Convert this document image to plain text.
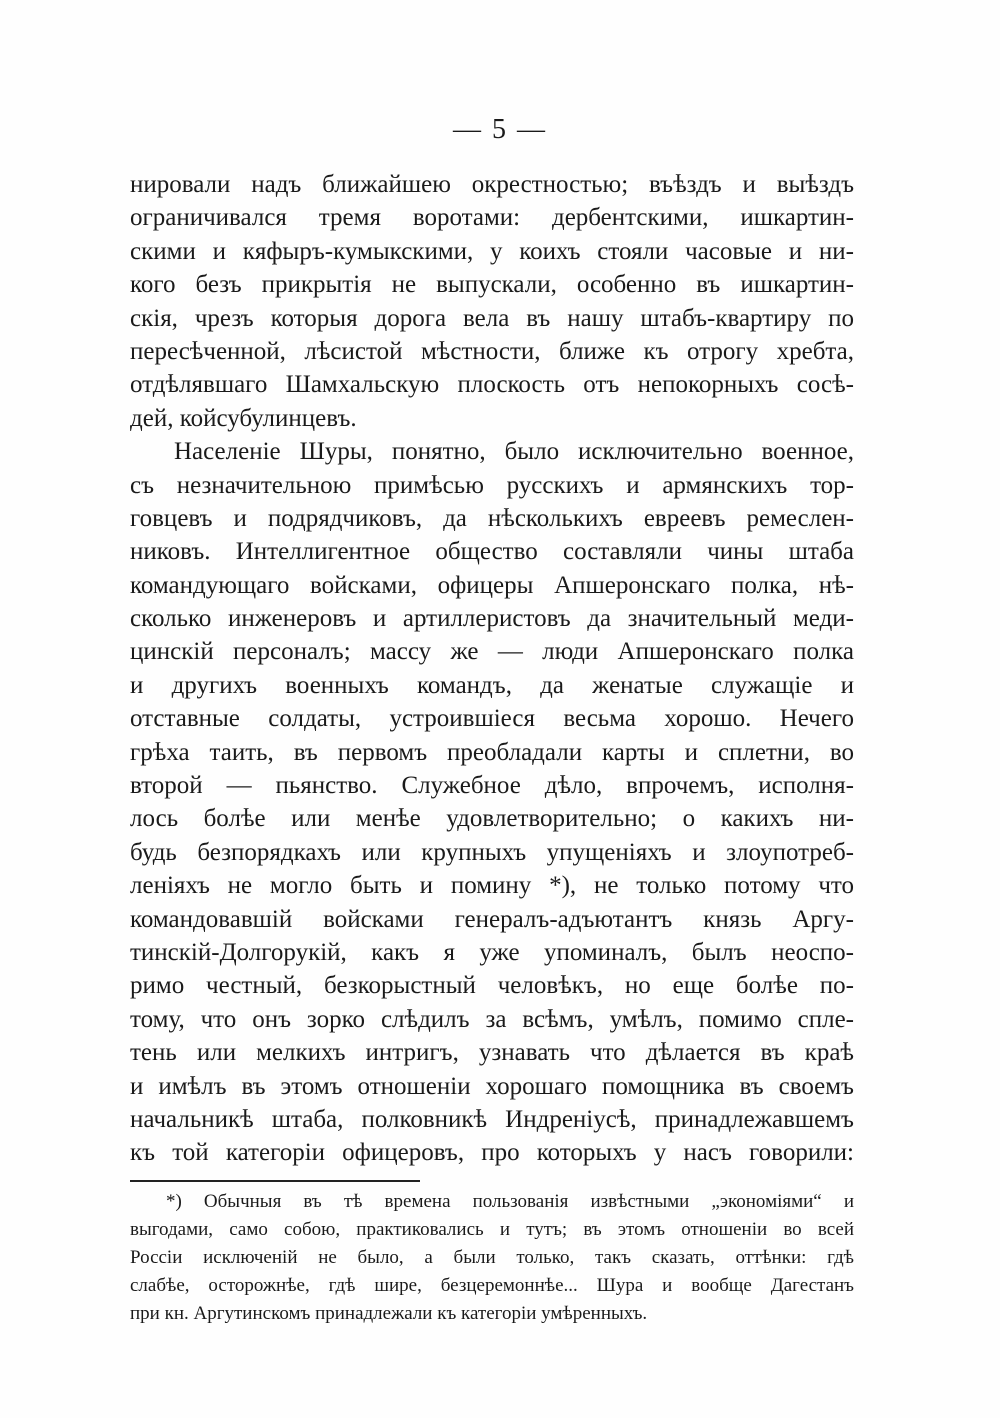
— 5 —
нировали надъ ближайшею окрестностью; въѣздъ и выѣздъ
ограничивался тремя воротами: дербентскими, ишкартин-
скими и кяфыръ-кумыкскими, у коихъ стояли часовые и ни-
кого безъ прикрытія не выпускали, особенно въ ишкартин-
скія, чрезъ которыя дорога вела въ нашу штабъ-квартиру по
пересѣченной, лѣсистой мѣстности, ближе къ отрогу хребта,
отдѣлявшаго Шамхальскую плоскость отъ непокорныхъ сосѣ-
дей, койсубулинцевъ.
Населеніе Шуры, понятно, было исключительно военное,
съ незначительною примѣсью русскихъ и армянскихъ тор-
говцевъ и подрядчиковъ, да нѣсколькихъ евреевъ ремеслен-
никовъ. Интеллигентное общество составляли чины штаба
командующаго войсками, офицеры Апшеронскаго полка, нѣ-
сколько инженеровъ и артиллеристовъ да значительный меди-
цинскій персоналъ; массу же — люди Апшеронскаго полка
и другихъ военныхъ командъ, да женатые служащіе и
отставные солдаты, устроившіеся весьма хорошо. Нечего
грѣха таить, въ первомъ преобладали карты и сплетни, во
второй — пьянство. Служебное дѣло, впрочемъ, исполня-
лось болѣе или менѣе удовлетворительно; о какихъ ни-
будь безпорядкахъ или крупныхъ упущеніяхъ и злоупотреб-
леніяхъ не могло быть и помину *), не только потому что
командовавшій войсками генералъ-адъютантъ князь Аргу-
тинскій-Долгорукій, какъ я уже упоминалъ, былъ неоспо-
римо честный, безкорыстный человѣкъ, но еще болѣе по-
тому, что онъ зорко слѣдилъ за всѣмъ, умѣлъ, помимо спле-
тень или мелкихъ интригъ, узнавать что дѣлается въ краѣ
и имѣлъ въ этомъ отношеніи хорошаго помощника въ своемъ
начальникѣ штаба, полковникѣ Индреніусѣ, принадлежавшемъ
къ той категоріи офицеровъ, про которыхъ у насъ говорили:
*) Обычныя въ тѣ времена пользованія извѣстными „экономіями“ и
выгодами, само собою, практиковались и тутъ; въ этомъ отношеніи во всей
Россіи исключеній не было, а были только, такъ сказать, оттѣнки: гдѣ
слабѣе, осторожнѣе, гдѣ шире, безцеремоннѣе... Шура и вообще Дагестанъ
при кн. Аргутинскомъ принадлежали къ категоріи умѣренныхъ.
